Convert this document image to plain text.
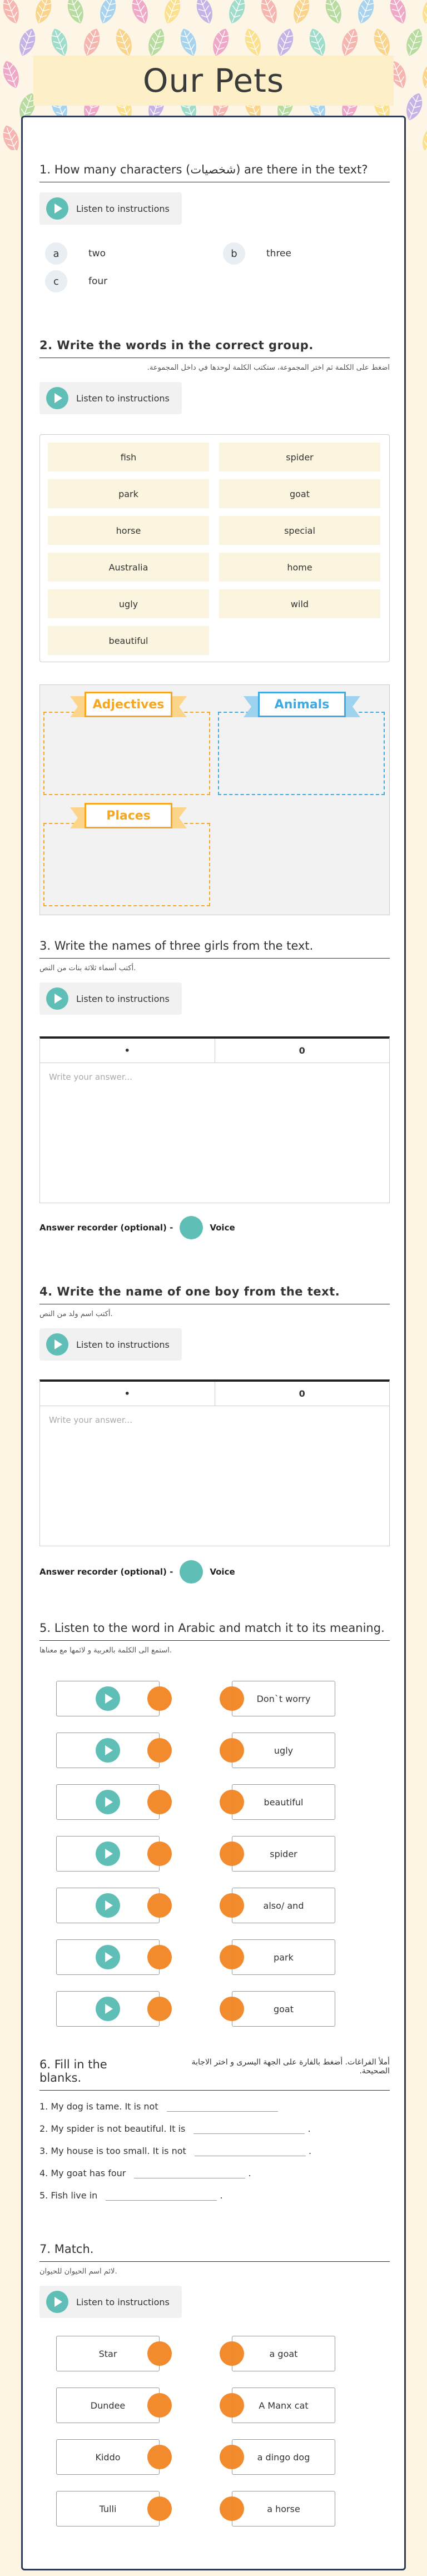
Our Pets
1. How many characters (شخصيات) are there in the text?
Listen to instructions
a	two	b	three
c	four
2. Write the words in the correct group.
اضغط على الكلمة ثم اختر المجموعة، ستكتب الكلمة لوحدها في داخل المجموعة.
Listen to instructions
fish	spider
park	goat
horse	special
Australia	home
ugly	wild
beautiful
Adjectives	Animals
Places
3. Write the names of three girls from the text.
أكتب أسماء ثلاثة بنات من النص.
Listen to instructions
•	0
Write your answer...
Answer recorder (optional) -	Voice
4. Write the name of one boy from the text.
أكتب اسم ولد من النص.
Listen to instructions
•	0
Write your answer...
Answer recorder (optional) -	Voice
5. Listen to the word in Arabic and match it to its meaning.
استمع الى الكلمة بالعربية و لائمها مع معناها.
Don`t worry
ugly
beautiful
spider
also/ and
park
goat
6. Fill in the blanks.
أملأ الفراغات. أضغط بالفارة على الجهة اليسرى و اختر الاجابة الصحيحة.
1. My dog is tame. It is not
2. My spider is not beautiful. It is	.
3. My house is too small. It is not	.
4. My goat has four	.
5. Fish live in	.
7. Match.
لائم اسم الحيوان للحيوان.
Listen to instructions
Star	a goat
Dundee	A Manx cat
Kiddo	a dingo dog
Tulli	a horse
